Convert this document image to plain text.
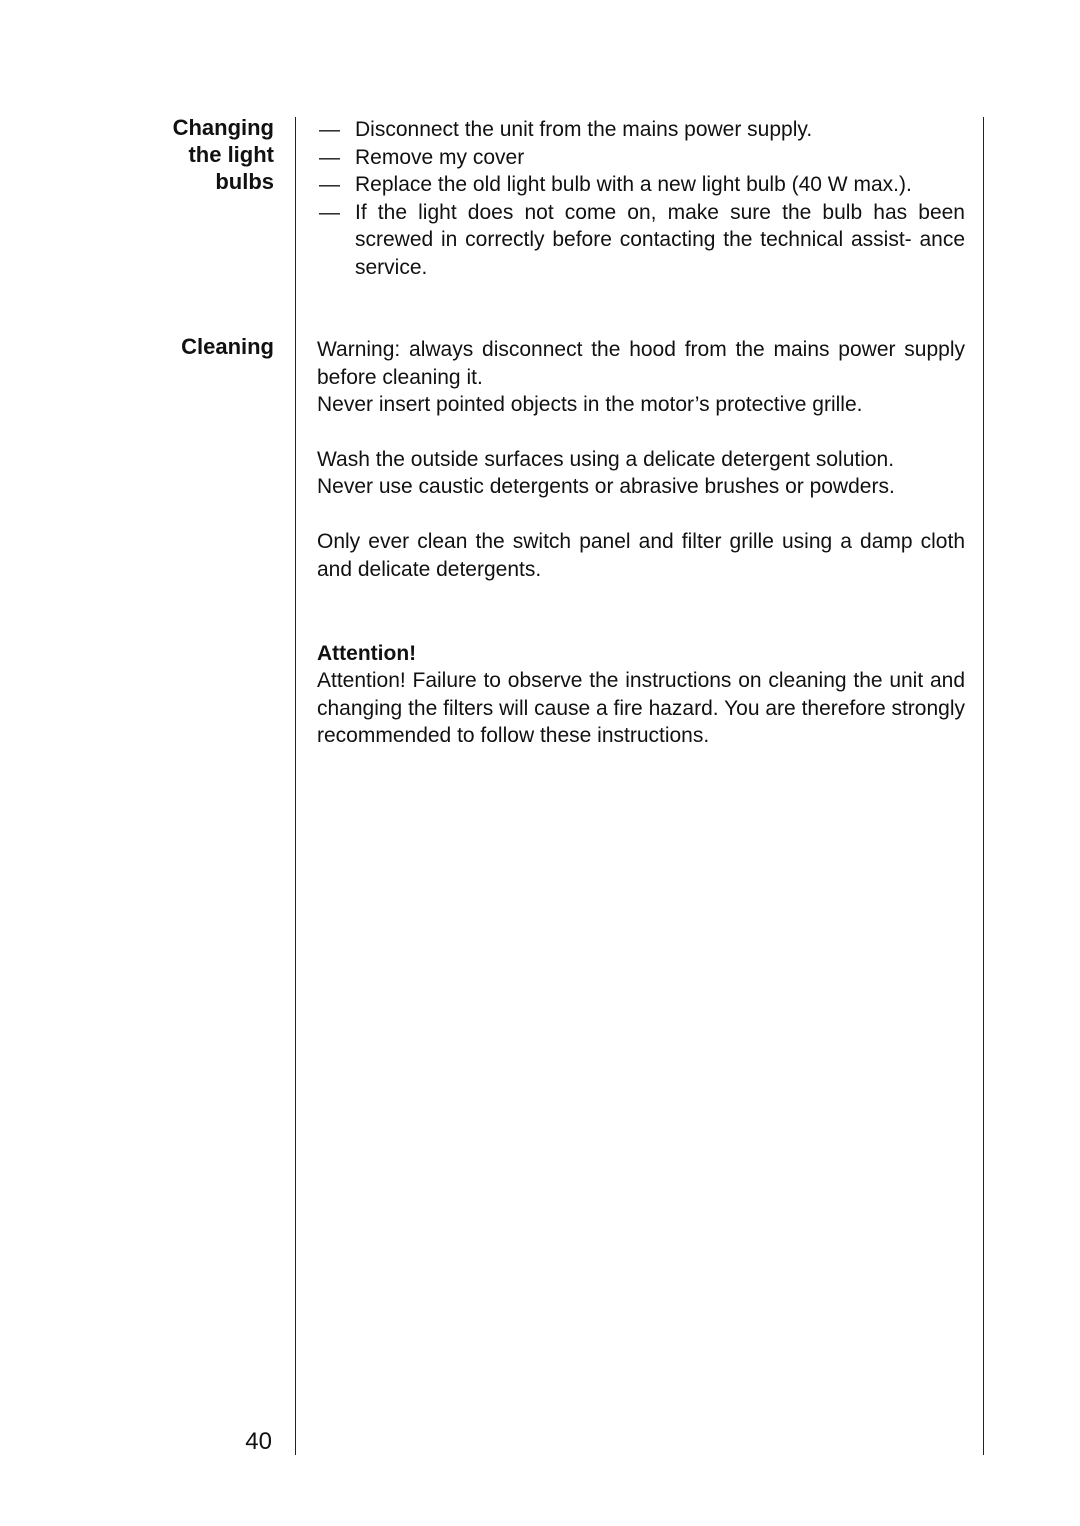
Changing
the light
bulbs
Cleaning
— Disconnect the unit from the mains power supply.
— Remove my cover
— Replace the old light bulb with a new light bulb (40 W max.).
— If the light does not come on, make sure the bulb has been screwed in correctly before contacting the technical assist- ance service.

Warning: always disconnect the hood from the mains power supply before cleaning it.

Never insert pointed objects in the motor’s protective grille.

Wash the outside surfaces using a delicate detergent solution.

Never use caustic detergents or abrasive brushes or powders.

Only ever clean the switch panel and filter grille using a damp cloth and delicate detergents.

Attention!

Attention! Failure to observe the instructions on cleaning the unit and changing the filters will cause a fire hazard. You are therefore strongly recommended to follow these instructions.

40
